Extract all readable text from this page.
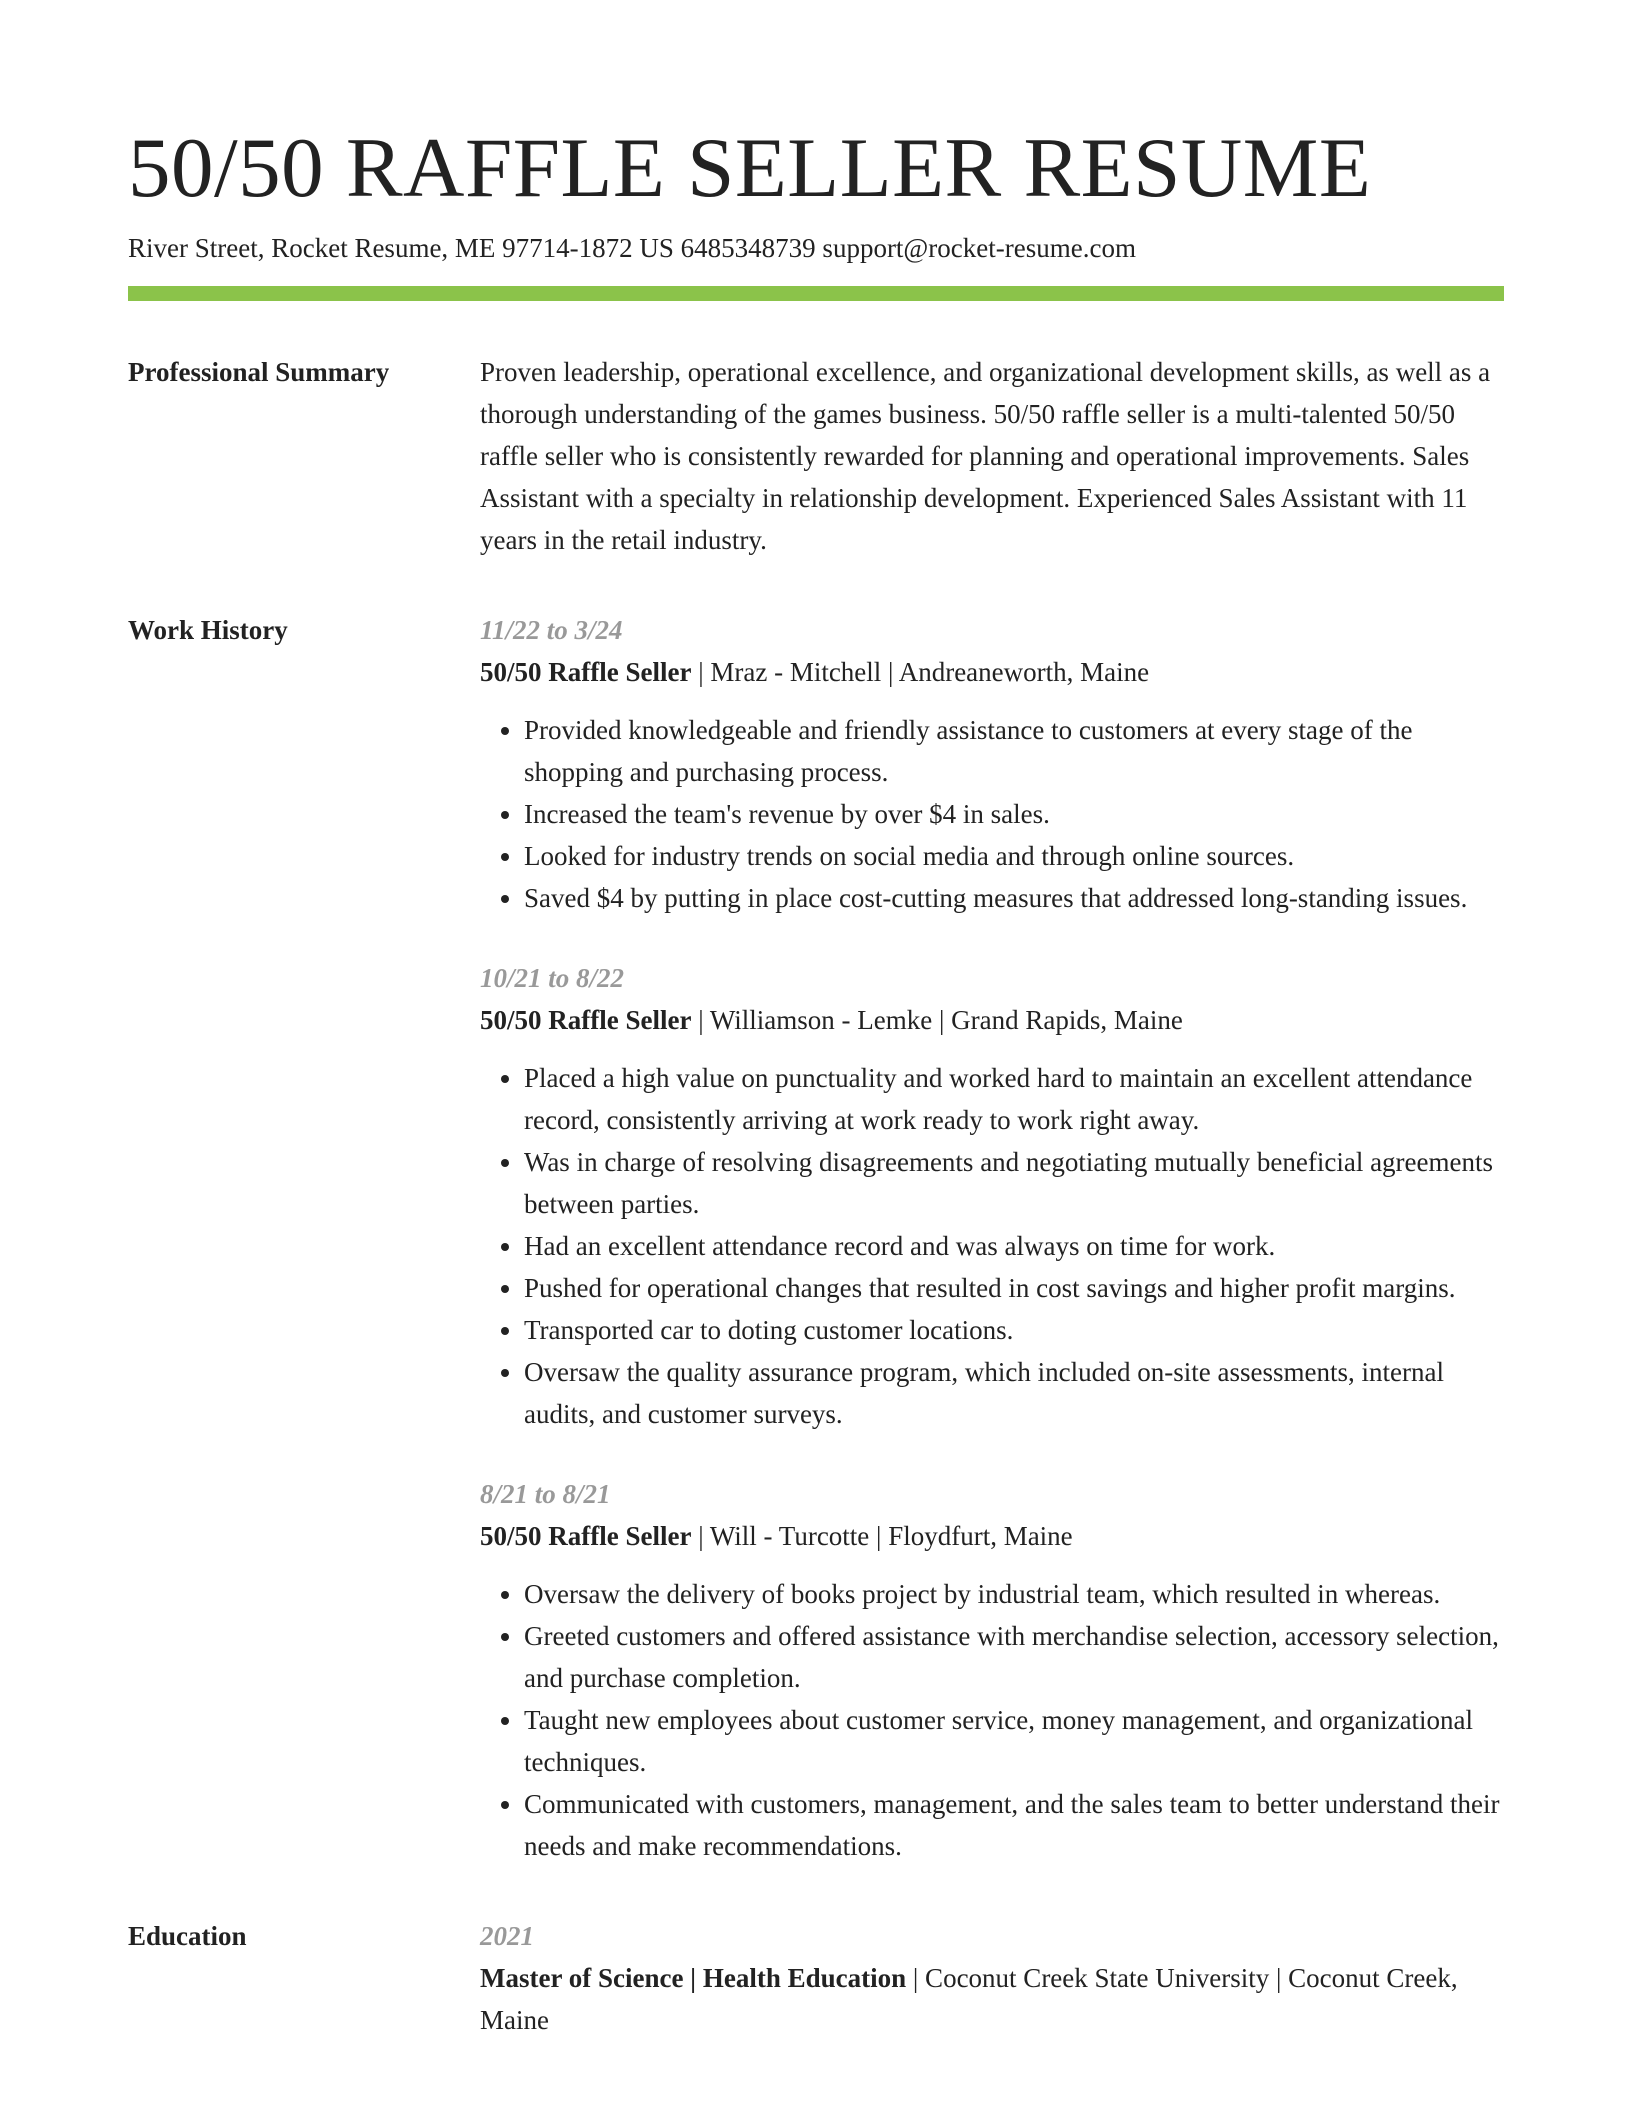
50/50 RAFFLE SELLER RESUME
River Street, Rocket Resume, ME 97714-1872 US 6485348739 support@rocket-resume.com
Professional Summary	Proven leadership, operational excellence, and organizational development skills, as well as a thorough understanding of the games business. 50/50 raffle seller is a multi-talented 50/50 raffle seller who is consistently rewarded for planning and operational improvements. Sales Assistant with a specialty in relationship development. Experienced Sales Assistant with 11 years in the retail industry.

Work History	11/22 to 3/24
50/50 Raffle Seller | Mraz - Mitchell | Andreaneworth, Maine
• Provided knowledgeable and friendly assistance to customers at every stage of the shopping and purchasing process.
• Increased the team's revenue by over $4 in sales.
• Looked for industry trends on social media and through online sources.
• Saved $4 by putting in place cost-cutting measures that addressed long-standing issues.
10/21 to 8/22
50/50 Raffle Seller | Williamson - Lemke | Grand Rapids, Maine
• Placed a high value on punctuality and worked hard to maintain an excellent attendance record, consistently arriving at work ready to work right away.
• Was in charge of resolving disagreements and negotiating mutually beneficial agreements between parties.
• Had an excellent attendance record and was always on time for work.
• Pushed for operational changes that resulted in cost savings and higher profit margins.
• Transported car to doting customer locations.
• Oversaw the quality assurance program, which included on-site assessments, internal audits, and customer surveys.
8/21 to 8/21
50/50 Raffle Seller | Will - Turcotte | Floydfurt, Maine
• Oversaw the delivery of books project by industrial team, which resulted in whereas.
• Greeted customers and offered assistance with merchandise selection, accessory selection, and purchase completion.
• Taught new employees about customer service, money management, and organizational techniques.
• Communicated with customers, management, and the sales team to better understand their needs and make recommendations.
Education	2021
Master of Science | Health Education | Coconut Creek State University | Coconut Creek, Maine
